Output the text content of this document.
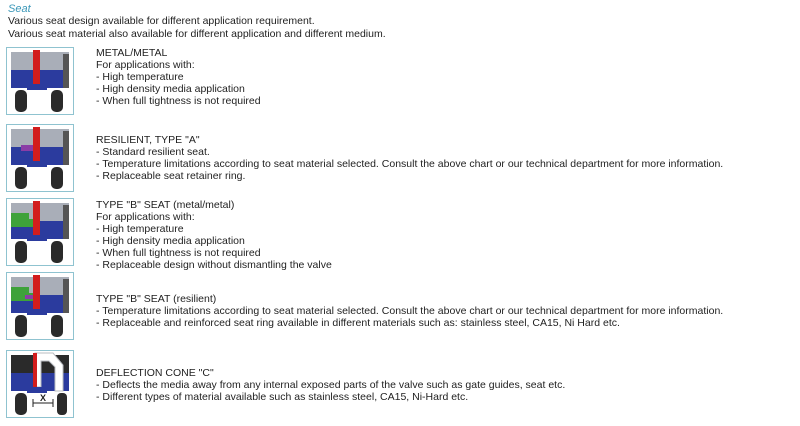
Seat
Various seat design available for different application requirement.
Various seat material also available for different application and different medium.
METAL/METAL
For applications with:
- High temperature
- High density media application
- When full tightness is not required
RESILIENT, TYPE "A"
- Standard resilient seat.
- Temperature limitations according to seat material selected. Consult the above chart or our technical department for more information.
- Replaceable seat retainer ring.
TYPE "B" SEAT (metal/metal)
For applications with:
- High temperature
- High density media application
- When full tightness is not required
- Replaceable design without dismantling the valve
TYPE "B" SEAT (resilient)
- Temperature limitations according to seat material selected. Consult the above chart or our technical department for more information.
- Replaceable and reinforced seat ring available in different materials such as: stainless steel, CA15, Ni Hard etc.
X
DEFLECTION CONE "C"
- Deflects the media away from any internal exposed parts of the valve such as gate guides, seat etc.
- Different types of material available such as stainless steel, CA15, Ni-Hard etc.
